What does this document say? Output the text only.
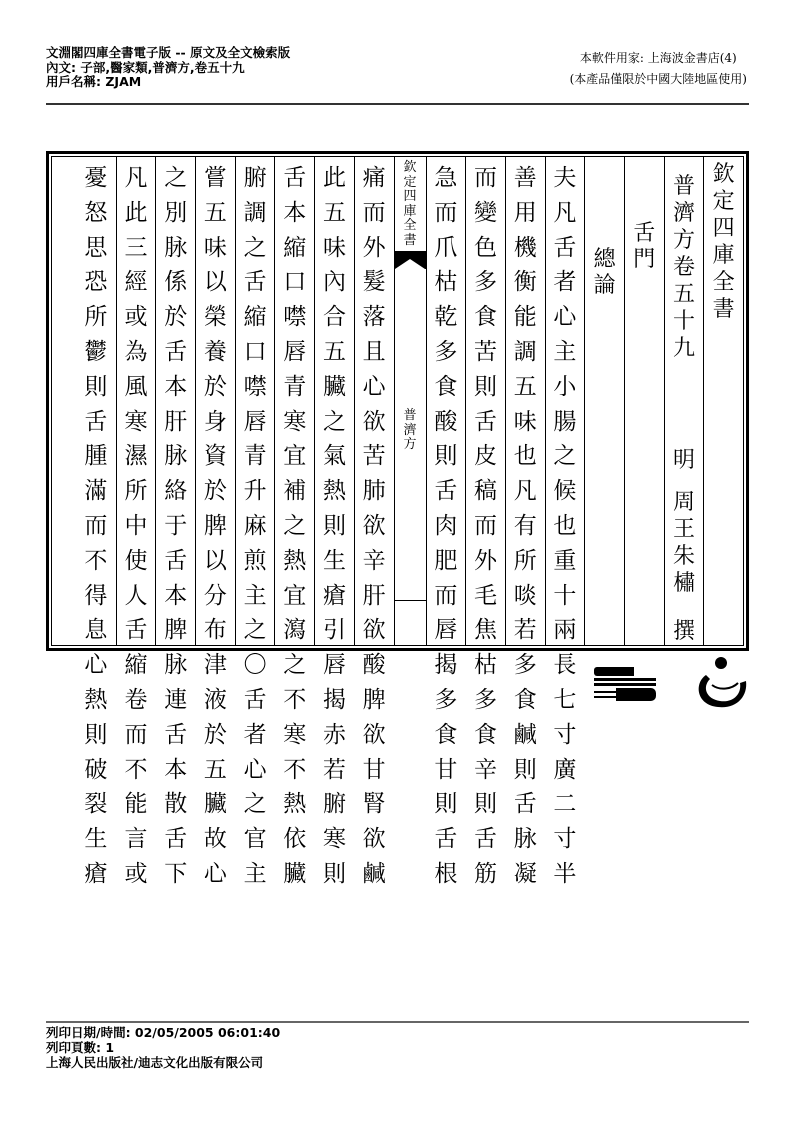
文淵閣四庫全書電子版 -- 原文及全文檢索版
內文: 子部,醫家類,普濟方,卷五十九
用戶名稱: ZJAM
本軟件用家: 上海波金書店(4)
(本產品僅限於中國大陸地區使用)
欽
定
四
庫
全
書
普
濟
方
卷
五
十
九
明
周
王
朱
橚
撰
舌
門
總
論
夫
凡
舌
者
心
主
小
腸
之
候
也
重
十
兩
長
七
寸
廣
二
寸
半
善
用
機
衡
能
調
五
味
也
凡
有
所
啖
若
多
食
鹹
則
舌
脉
凝
而
變
色
多
食
苦
則
舌
皮
稿
而
外
毛
焦
枯
多
食
辛
則
舌
筋
急
而
爪
枯
乾
多
食
酸
則
舌
肉
肥
而
唇
揭
多
食
甘
則
舌
根
欽
定
四
庫
全
書
普
濟
方
痛
而
外
髮
落
且
心
欲
苦
肺
欲
辛
肝
欲
酸
脾
欲
甘
腎
欲
鹹
此
五
味
內
合
五
臟
之
氣
熱
則
生
瘡
引
唇
揭
赤
若
腑
寒
則
舌
本
縮
口
噤
唇
青
寒
宜
補
之
熱
宜
瀉
之
不
寒
不
熱
依
臟
腑
調
之
舌
縮
口
噤
唇
青
升
麻
煎
主
之
〇
舌
者
心
之
官
主
嘗
五
味
以
榮
養
於
身
資
於
脾
以
分
布
津
液
於
五
臟
故
心
之
別
脉
係
於
舌
本
肝
脉
絡
于
舌
本
脾
脉
連
舌
本
散
舌
下
凡
此
三
經
或
為
風
寒
濕
所
中
使
人
舌
縮
卷
而
不
能
言
或
憂
怒
思
恐
所
鬱
則
舌
腫
滿
而
不
得
息
心
熱
則
破
裂
生
瘡
列印日期/時間: 02/05/2005 06:01:40
列印頁數: 1
上海人民出版社/迪志文化出版有限公司
